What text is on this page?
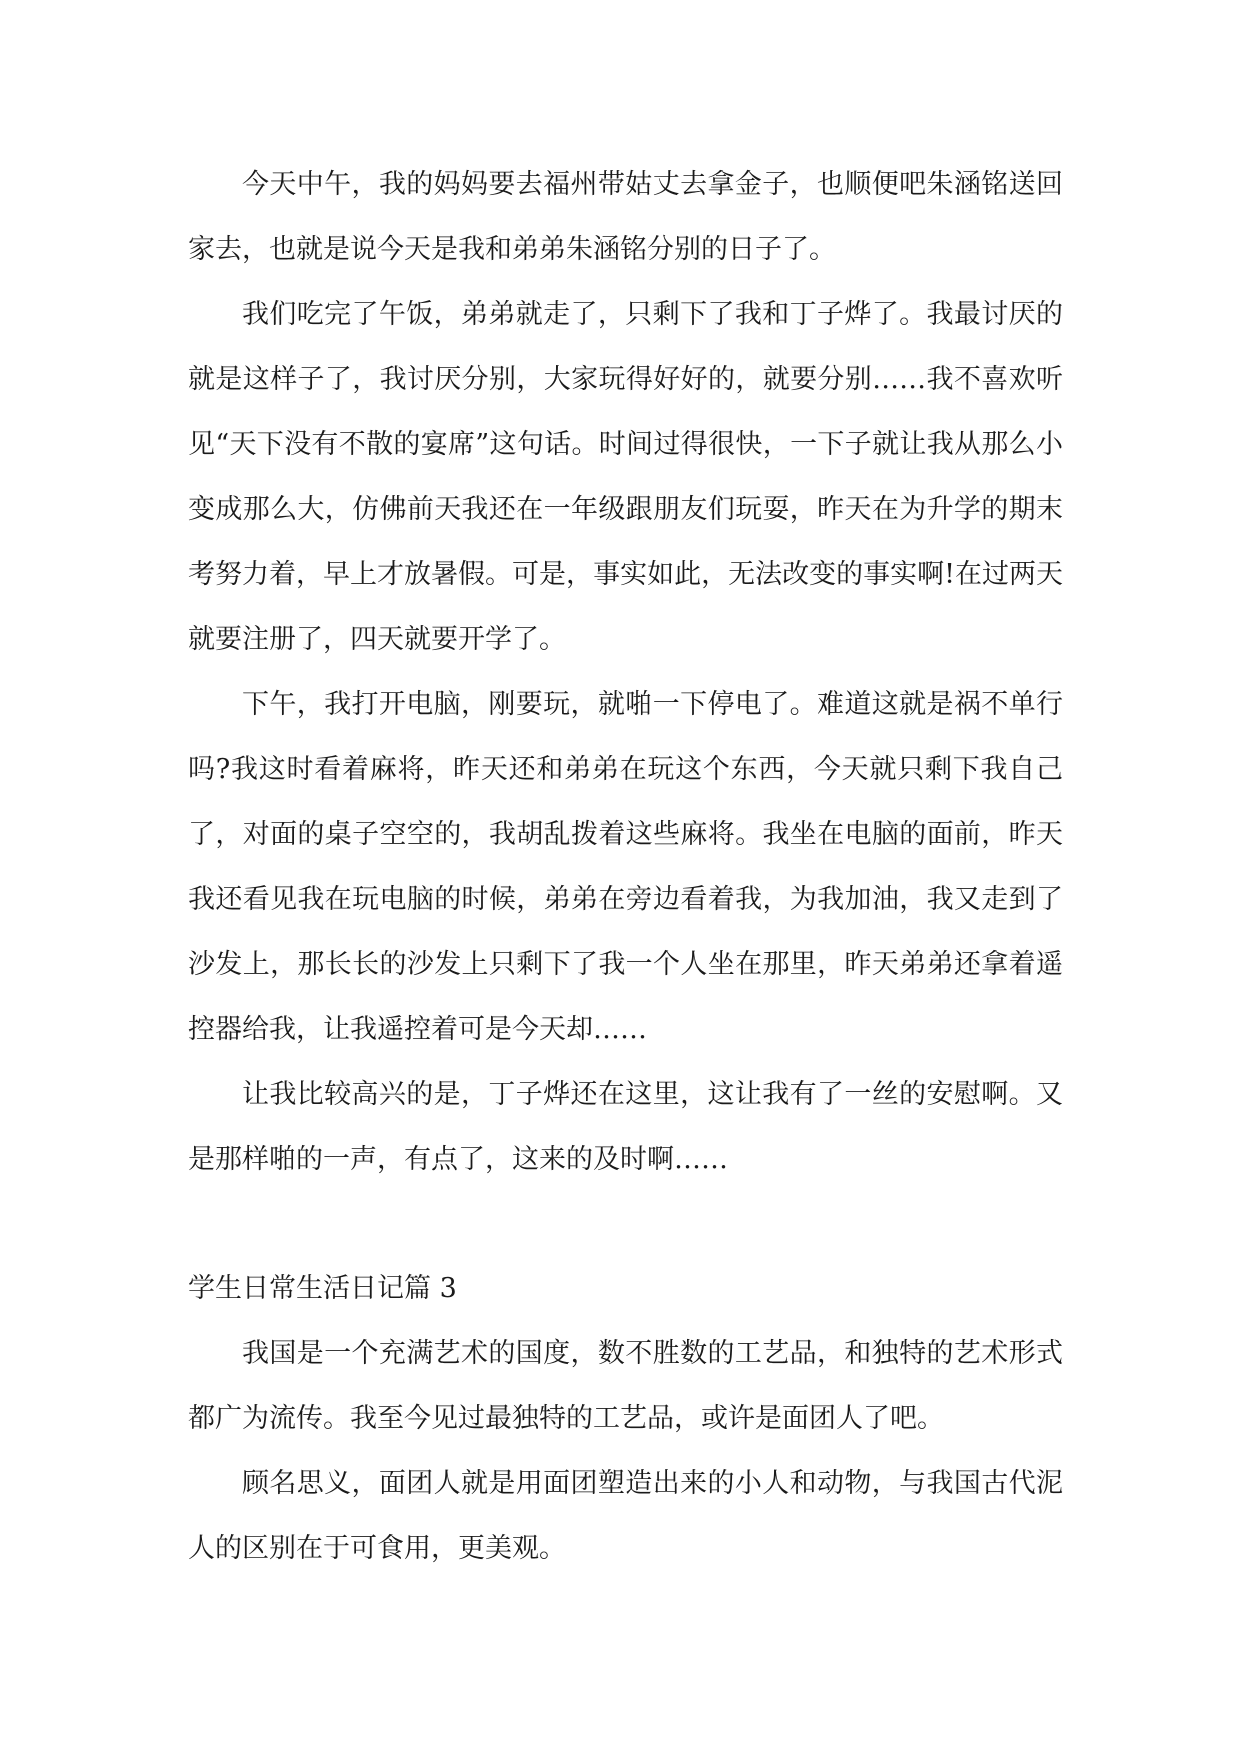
今天中午，我的妈妈要去福州带姑丈去拿金子，也顺便吧朱涵铭送回家去，也就是说今天是我和弟弟朱涵铭分别的日子了。

我们吃完了午饭，弟弟就走了，只剩下了我和丁子烨了。我最讨厌的就是这样子了，我讨厌分别，大家玩得好好的，就要分别……我不喜欢听见“天下没有不散的宴席”这句话。时间过得很快，一下子就让我从那么小变成那么大，仿佛前天我还在一年级跟朋友们玩耍，昨天在为升学的期末考努力着，早上才放暑假。可是，事实如此，无法改变的事实啊!在过两天就要注册了，四天就要开学了。

下午，我打开电脑，刚要玩，就啪一下停电了。难道这就是祸不单行吗?我这时看着麻将，昨天还和弟弟在玩这个东西，今天就只剩下我自己了，对面的桌子空空的，我胡乱拨着这些麻将。我坐在电脑的面前，昨天我还看见我在玩电脑的时候，弟弟在旁边看着我，为我加油，我又走到了沙发上，那长长的沙发上只剩下了我一个人坐在那里，昨天弟弟还拿着遥控器给我，让我遥控着可是今天却……

让我比较高兴的是，丁子烨还在这里，这让我有了一丝的安慰啊。又是那样啪的一声，有点了，这来的及时啊……

学生日常生活日记篇 3

我国是一个充满艺术的国度，数不胜数的工艺品，和独特的艺术形式都广为流传。我至今见过最独特的工艺品，或许是面团人了吧。

顾名思义，面团人就是用面团塑造出来的小人和动物，与我国古代泥人的区别在于可食用，更美观。
